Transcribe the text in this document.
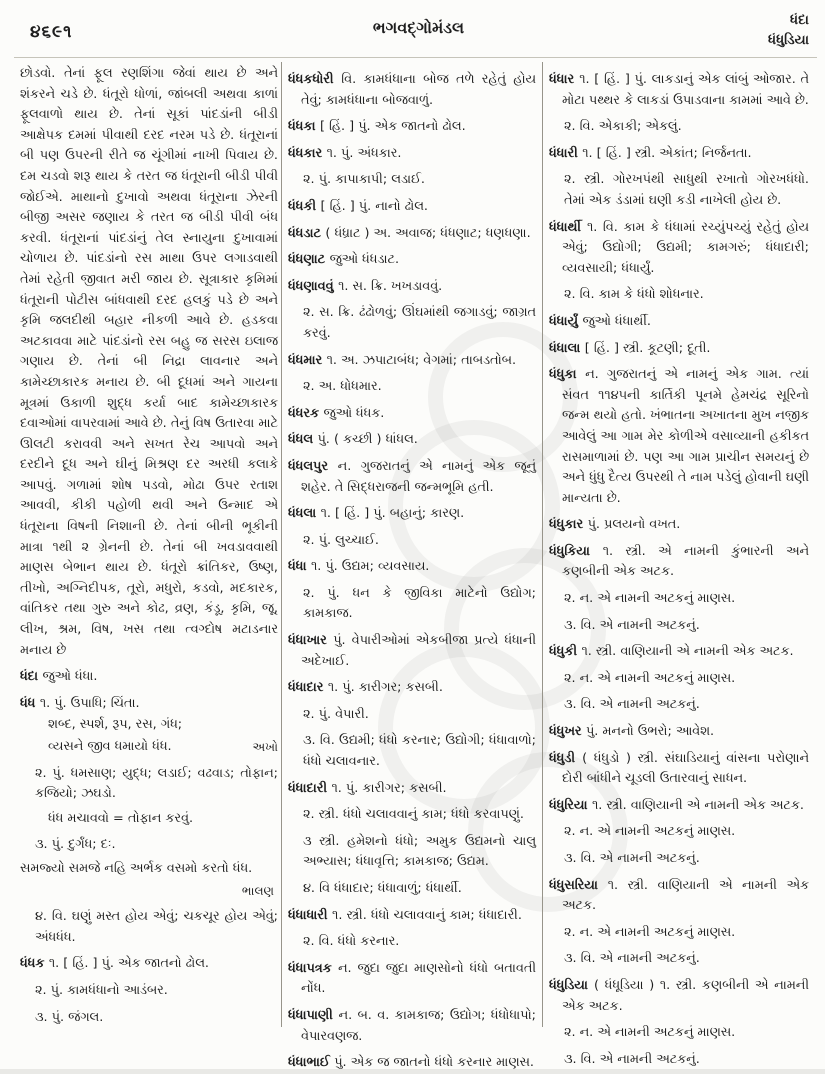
૪૬૯૧	ભગવદ્ગોમંડલ	ધંદા
ધંધુડિયા
છોડવો. તેનાં ફૂલ રણશિંગા જેવાં થાય છે અને શંકરને ચડે છે. ધંતૂરો ધોળાં, જાંબલી અથવા કાળાં ફૂલવાળો થાય છે. તેનાં સૂકાં પાંદડાંની બીડી આક્ષેપક દમમાં પીવાથી દરદ નરમ પડે છે. ધંતૂરાનાં બી પણ ઉપરની રીતે જ ચૂંગીમાં નાખી પિવાય છે. દમ ચડવો શરૂ થાય કે તરત જ ધંતૂરાની બીડી પીવી જોઈએ. માથાનો દુખાવો અથવા ધંતૂરાના ઝેરની બીજી અસર જણાય કે તરત જ બીડી પીવી બંધ કરવી. ધંતૂરાનાં પાંદડાંનું તેલ સ્નાયુના દુખાવામાં ચોળાય છે. પાંદડાંનો રસ માથા ઉપર લગાડવાથી તેમાં રહેતી જીવાત મરી જાય છે. સૂત્રાકાર કૃમિમાં ધંતૂરાની પોટીસ બાંધવાથી દરદ હલકું પડે છે અને કૃમિ જલદીથી બહાર નીકળી આવે છે. હડકવા અટકાવવા માટે પાંદડાંનો રસ બહુ જ સરસ ઇલાજ ગણાય છે. તેનાં બી નિદ્રા લાવનાર અને કામેચ્છાકારક મનાય છે. બી દૂધમાં અને ગાયના મૂત્રમાં ઉકાળી શુદ્ધ કર્યા બાદ કામેચ્છાકારક દવાઓમાં વાપરવામાં આવે છે. તેનું વિષ ઉતારવા માટે ઊલટી કરાવવી અને સખત રેચ આપવો અને દરદીને દૂધ અને ઘીનું મિશ્રણ દર અરધી કલાકે આપવું. ગળામાં શોષ પડવો, મોઢા ઉપર રતાશ આવવી, કીકી પહોળી થવી અને ઉન્માદ એ ધંતૂરાના વિષની નિશાની છે. તેનાં બીની ભૂકીની માત્રા ૧થી ૨ ગ્રેનની છે. તેનાં બી ખવડાવવાથી માણસ બેભાન થાય છે. ધંતૂરો ક્રાંતિકર, ઉષ્ણ, તીખો, અગ્નિદીપક, તૂરો, મધુરો, કડવો, મદકારક, વાંતિકર તથા ગુરુ અને કોઢ, વ્રણ, કંડૂ, કૃમિ, જૂ, લીખ, શ્રમ, વિષ, ખસ તથા ત્વગ્દોષ મટાડનાર મનાય છે
ધંદા જુઓ ધંધા.
ધંધ ૧. પું. ઉપાધિ; ચિંતા.
શબ્દ, સ્પર્શ, રૂપ, રસ, ગંધ;
વ્યસને જીવ ધમાયો ધંધ.	અખો
૨. પું. ધમસાણ; યુદ્ધ; લડાઈ; વઢવાડ; તોફાન; કજિયો; ઝઘડો.
ધંધ મચાવવો = તોફાન કરવું.
૩. પું. દુર્ગંધ; દઃ.
સમજ્યો સમજે નહિ અર્ભક વસમો કરતો ધંધ.
ભાલણ
૪. વિ. ઘણું મસ્ત હોય એવું; ચકચૂર હોય એવું; અંધધંધ.
ધંધક ૧. [ હિં. ] પું. એક જાતનો ઢોલ.
૨. પું. કામધંધાનો આડંબર.
૩. પું. જંગલ.
ધંધકધોરી વિ. કામધંધાના બોજ તળે રહેતું હોય તેવું; કામધંધાના બોજવાળું.
ધંધકા [ હિં. ] પું. એક જાતનો ઢોલ.
ધંધકાર ૧. પું. અંધકાર.
૨. પું. કાપાકાપી; લડાઈ.
ધંધકી [ હિં. ] પું. નાનો ઢોલ.
ધંધડાટ ( ધંધ્રાટ ) અ. અવાજ; ધંધણાટ; ધણધણા.
ધંધણાટ જુઓ ધંધડાટ.
ધંધણાવવું ૧. સ. ક્રિ. ખખડાવવું.
૨. સ. ક્રિ. ઢંઢોળવું; ઊંઘમાંથી જગાડવું; જાગ્રત કરવું.
ધંધમાર ૧. અ. ઝપાટાબંધ; વેગમાં; તાબડતોબ.
૨. અ. ધોધમાર.
ધંધરક જુઓ ધંધક.
ધંધલ પું. ( કચ્છી ) ધાંધલ.
ધંધલપુર ન. ગુજરાતનું એ નામનું એક જૂનું શહેર. તે સિદ્ધરાજની જન્મભૂમિ હતી.
ધંધલા ૧. [ હિં. ] પું. બહાનું; કારણ.
૨. પું. લુચ્ચાઈ.
ધંધા ૧. પું. ઉદ્યમ; વ્યવસાય.
૨. પું. ધન કે જીવિકા માટેનો ઉદ્યોગ; કામકાજ.
ધંધાખાર પું. વેપારીઓમાં એકબીજા પ્રત્યે ધંધાની અદેખાઈ.
ધંધાદાર ૧. પું. કારીગર; કસબી.
૨. પું. વેપારી.
૩. વિ. ઉદ્યમી; ધંધો કરનાર; ઉદ્યોગી; ધંધાવાળો; ધંધો ચલાવનાર.
ધંધાદારી ૧. પું. કારીગર; કસબી.
૨. સ્ત્રી. ધંધો ચલાવવાનું કામ; ધંધો કરવાપણું.
૩ સ્ત્રી. હમેશનો ધંધો; અમુક ઉદ્યમનો ચાલુ અભ્યાસ; ધંધાવૃત્તિ; કામકાજ; ઉદ્યમ.
૪. વિ ધંધાદાર; ધંધાવાળું; ધંધાર્થી.
ધંધાધારી ૧. સ્ત્રી. ધંધો ચલાવવાનું કામ; ધંધાદારી.
૨. વિ. ધંધો કરનાર.
ધંધાપત્રક ન. જુદા જુદા માણસોનો ધંધો બતાવતી નોંધ.
ધંધાપાણી ન. બ. વ. કામકાજ; ઉદ્યોગ; ધંધોધાપો; વેપારવણજ.
ધંધાભાઈ પું. એક જ જાતનો ધંધો કરનાર માણસ.
ધંધાર ૧. [ હિં. ] પું. લાકડાનું એક લાંબું ઓજાર. તે મોટા પથ્થર કે લાકડાં ઉપાડવાના કામમાં આવે છે.
૨. વિ. એકાકી; એકલું.
ધંધારી ૧. [ હિં. ] સ્ત્રી. એકાંત; નિર્જનતા.
૨. સ્ત્રી. ગોરખપંથી સાધુથી રખાતો ગોરખધંધો. તેમાં એક ડંડામાં ઘણી કડી નાખેલી હોય છે.
ધંધાર્થી ૧. વિ. કામ કે ધંધામાં રચ્યુંપચ્યું રહેતું હોય એવું; ઉદ્યોગી; ઉદ્યમી; કામગરું; ધંધાદારી; વ્યવસાયી; ધંધાર્યું.
૨. વિ. કામ કે ધંધો શોધનાર.
ધંધાર્યું જુઓ ધંધાર્થી.
ધંધાલા [ હિં. ] સ્ત્રી. કૂટણી; દૂતી.
ધંધુકા ન. ગુજરાતનું એ નામનું એક ગામ. ત્યાં સંવત ૧૧૪૫ની કાર્તિકી પૂનમે હેમચંદ્ર સૂરિનો જન્મ થયો હતો. ખંભાતના અખાતના મુખ નજીક આવેલું આ ગામ મેર કોળીએ વસાવ્યાની હકીકત રાસમાળામાં છે. પણ આ ગામ પ્રાચીન સમયનું છે અને ધુંધુ દૈત્ય ઉપરથી તે નામ પડેલું હોવાની ઘણી માન્યતા છે.
ધંધુકાર પું. પ્રલયનો વખત.
ધંધુકિયા ૧. સ્ત્રી. એ નામની કુંભારની અને કણબીની એક અટક.
૨. ન. એ નામની અટકનું માણસ.
૩. વિ. એ નામની અટકનું.
ધંધુકી ૧. સ્ત્રી. વાણિયાની એ નામની એક અટક.
૨. ન. એ નામની અટકનું માણસ.
૩. વિ. એ નામની અટકનું.
ધંધુખર પું. મનનો ઉભરો; આવેશ.
ધંધુડી ( ધંધુડો ) સ્ત્રી. સંઘાડિયાનું વાંસના પરોણાને દોરી બાંધીને ચૂડલી ઉતારવાનું સાધન.
ધંધુરિયા ૧. સ્ત્રી. વાણિયાની એ નામની એક અટક.
૨. ન. એ નામની અટકનું માણસ.
૩. વિ. એ નામની અટકનું.
ધંધુસરિયા ૧. સ્ત્રી. વાણિયાની એ નામની એક અટક.
૨. ન. એ નામની અટકનું માણસ.
૩. વિ. એ નામની અટકનું.
ધંધુડિયા ( ધંધૂડિયા ) ૧. સ્ત્રી. કણબીની એ નામની એક અટક.
૨. ન. એ નામની અટકનું માણસ.
૩. વિ. એ નામની અટકનું.
